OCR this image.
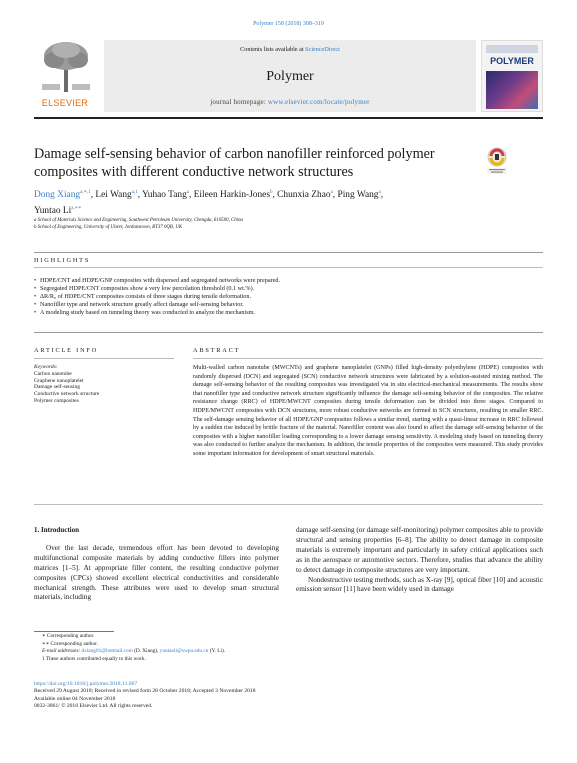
Polymer 158 (2018) 308–319
ELSEVIER
Contents lists available at ScienceDirect
Polymer
journal homepage: www.elsevier.com/locate/polymer
POLYMER
Damage self-sensing behavior of carbon nanofiller reinforced polymer composites with different conductive network structures
Dong Xiang$^{a,∗,1}$, Lei Wang$^{a,1}$, Yuhao Tang$^a$, Eileen Harkin-Jones$^b$, Chunxia Zhao$^a$, Ping Wang$^a$,
Yuntao $Li^{a,∗∗}$
a School of Materials Science and Engineering, Southwest Petroleum University, Chengdu, 610500, China
b School of Engineering, University of Ulster, Jordanstown, BT37 0QB, UK
HIGHLIGHTS
• HDPE/CNT and HDPE/GNP composites with dispersed and segregated networks were prepared.
• Segregated HDPE/CNT composites show a very low percolation threshold (0.1 wt.%).
• ΔR/R₀ of HDPE/CNT composites consists of three stages during tensile deformation.
• Nanofiller type and network structure greatly affect damage self-sensing behavior.
• A modeling study based on tunneling theory was conducted to analyze the mechanism.
ARTICLE INFO	ABSTRACT
Keywords:
Carbon nanotube
Graphene nanoplatelet
Damage self-sensing
Conductive network structure
Polymer composites
Multi-walled carbon nanotube (MWCNTs) and graphene nanoplatelet (GNPs) filled high-density polyethylene (HDPE) composites with randomly dispersed (DCN) and segregated (SCN) conductive network structures were fabricated by a solution-assisted mixing method. The damage self-sensing behavior of the resulting composites was investigated via in situ electrical-mechanical measurements. The results show that nanofiller type and conductive network structure significantly influence the damage self-sensing behavior of the composites. The relative resistance change (RRC) of HDPE/MWCNT composites during tensile deformation can be divided into three stages. Compared to HDPE/MWCNT composites with DCN structures, more robust conductive networks are formed in SCN structures, resulting in smaller RRC. The self-damage sensing behavior of all HDPE/GNP composites follows a similar trend, starting with a quasi-linear increase in RRC followed by a sudden rise induced by brittle fracture of the material. Nanofiller content was also found to affect the damage self-sensing behavior of the composites with a higher nanofiller loading corresponding to a lower damage sensing sensitivity. A modeling study based on tunneling theory was also conducted to further analyze the mechanism. In addition, the tensile properties of the composites were measured. This study provides some important information for development of smart structural materials.
1. Introduction
Over the last decade, tremendous effort has been devoted to developing multifunctional composite materials by adding conductive fillers into polymer matrices [1–5]. At appropriate filler content, the resulting conductive polymer composites (CPCs) showed excellent electrical conductivities and considerable mechanical strength. These attributes were used to develop smart structural materials, including
damage self-sensing (or damage self-monitoring) polymer composites able to provide structural and sensing properties [6–8]. The ability to detect damage in composite materials is extremely important and particularly in safety critical applications such as in the aerospace or automotive sectors. Therefore, studies that advance the ability to detect damage in composite structures are very important.
Nondestructive testing methods, such as X-ray [9], optical fiber [10] and acoustic emission sensor [11] have been widely used in damage
∗ Corresponding author.
∗∗ Corresponding author.
E-mail addresses: dxiang01@hotmail.com (D. Xiang), yuntaoli@swpu.edu.cn (Y. Li).
1 These authors contributed equally to this work.
https://doi.org/10.1016/j.polymer.2018.11.007
Received 29 August 2018; Received in revised form 28 October 2018; Accepted 3 November 2018
Available online 04 November 2018
0032-3861/ © 2018 Elsevier Ltd. All rights reserved.
